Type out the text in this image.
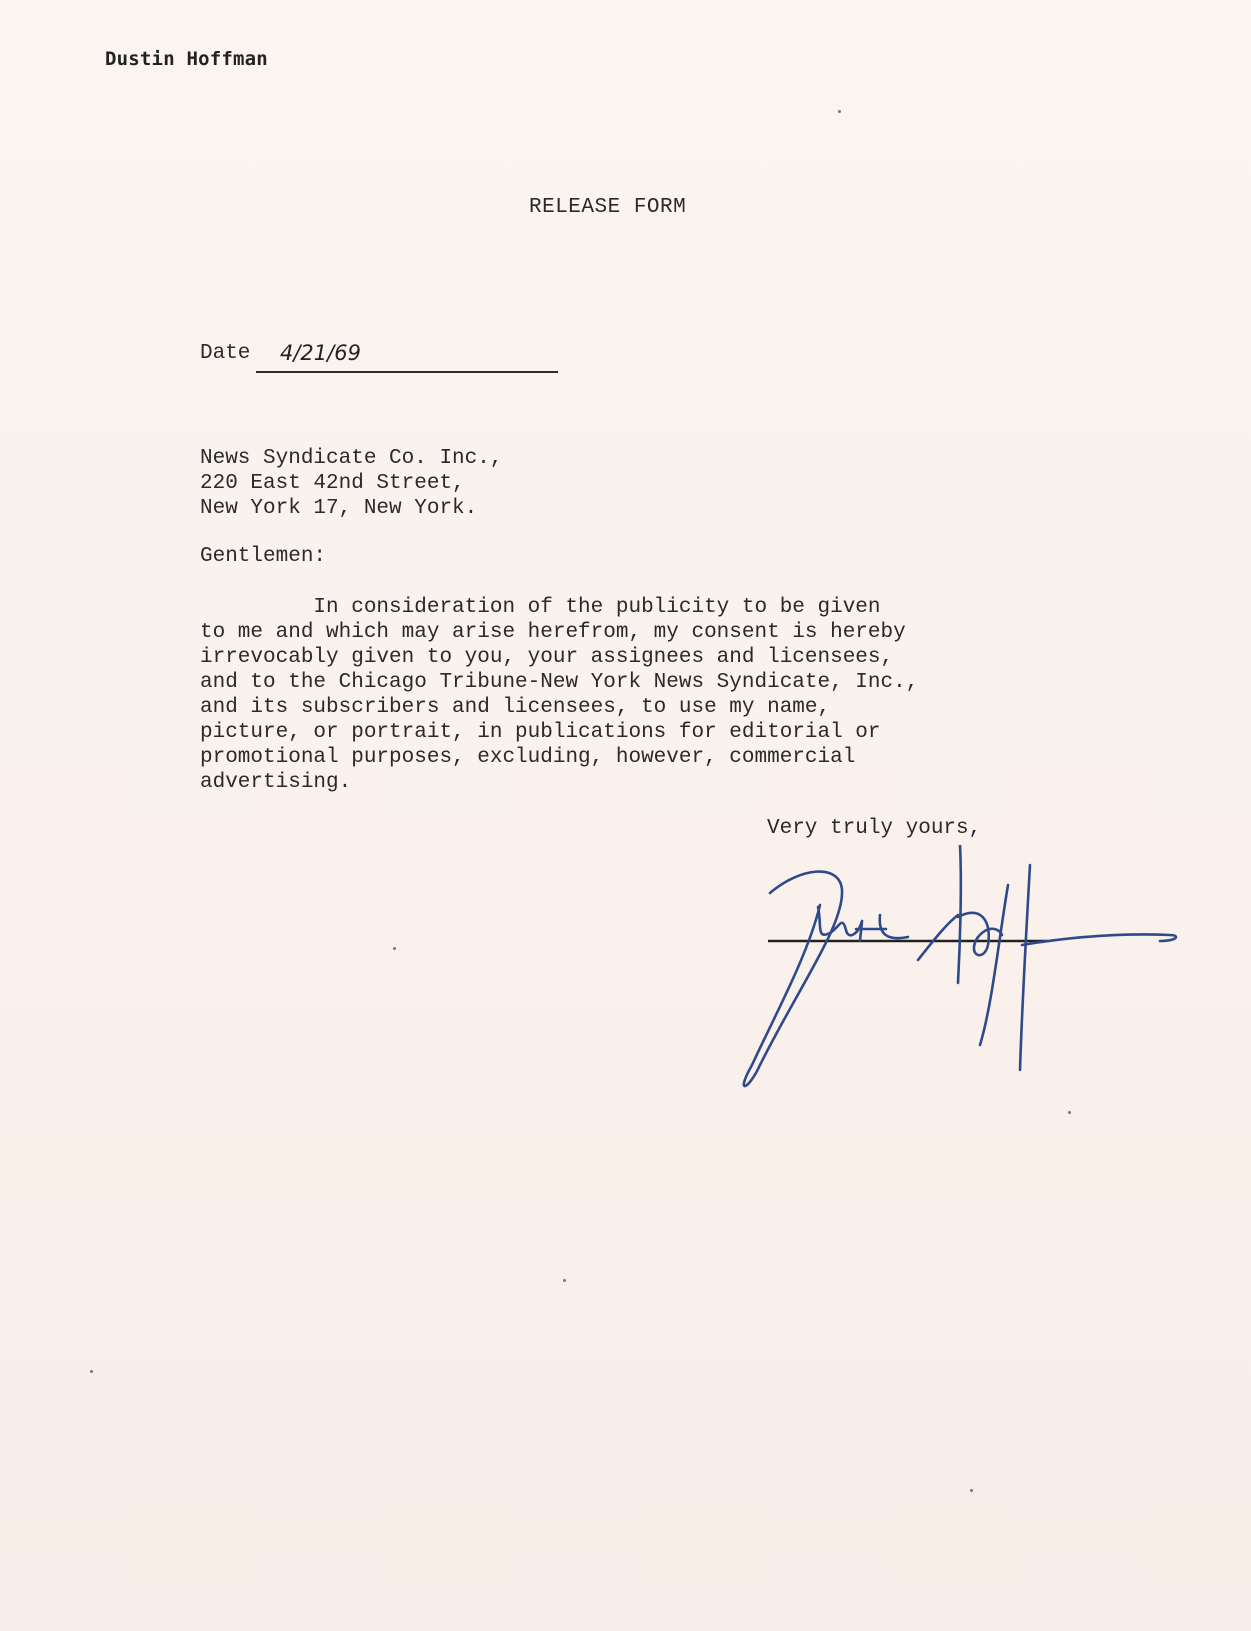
Dustin Hoffman
RELEASE FORM
Date 4/21/69
News Syndicate Co. Inc.,
220 East 42nd Street,
New York 17, New York.
Gentlemen:
In consideration of the publicity to be given
to me and which may arise herefrom, my consent is hereby
irrevocably given to you, your assignees and licensees,
and to the Chicago Tribune-New York News Syndicate, Inc.,
and its subscribers and licensees, to use my name,
picture, or portrait, in publications for editorial or
promotional purposes, excluding, however, commercial
advertising.
Very truly yours,
